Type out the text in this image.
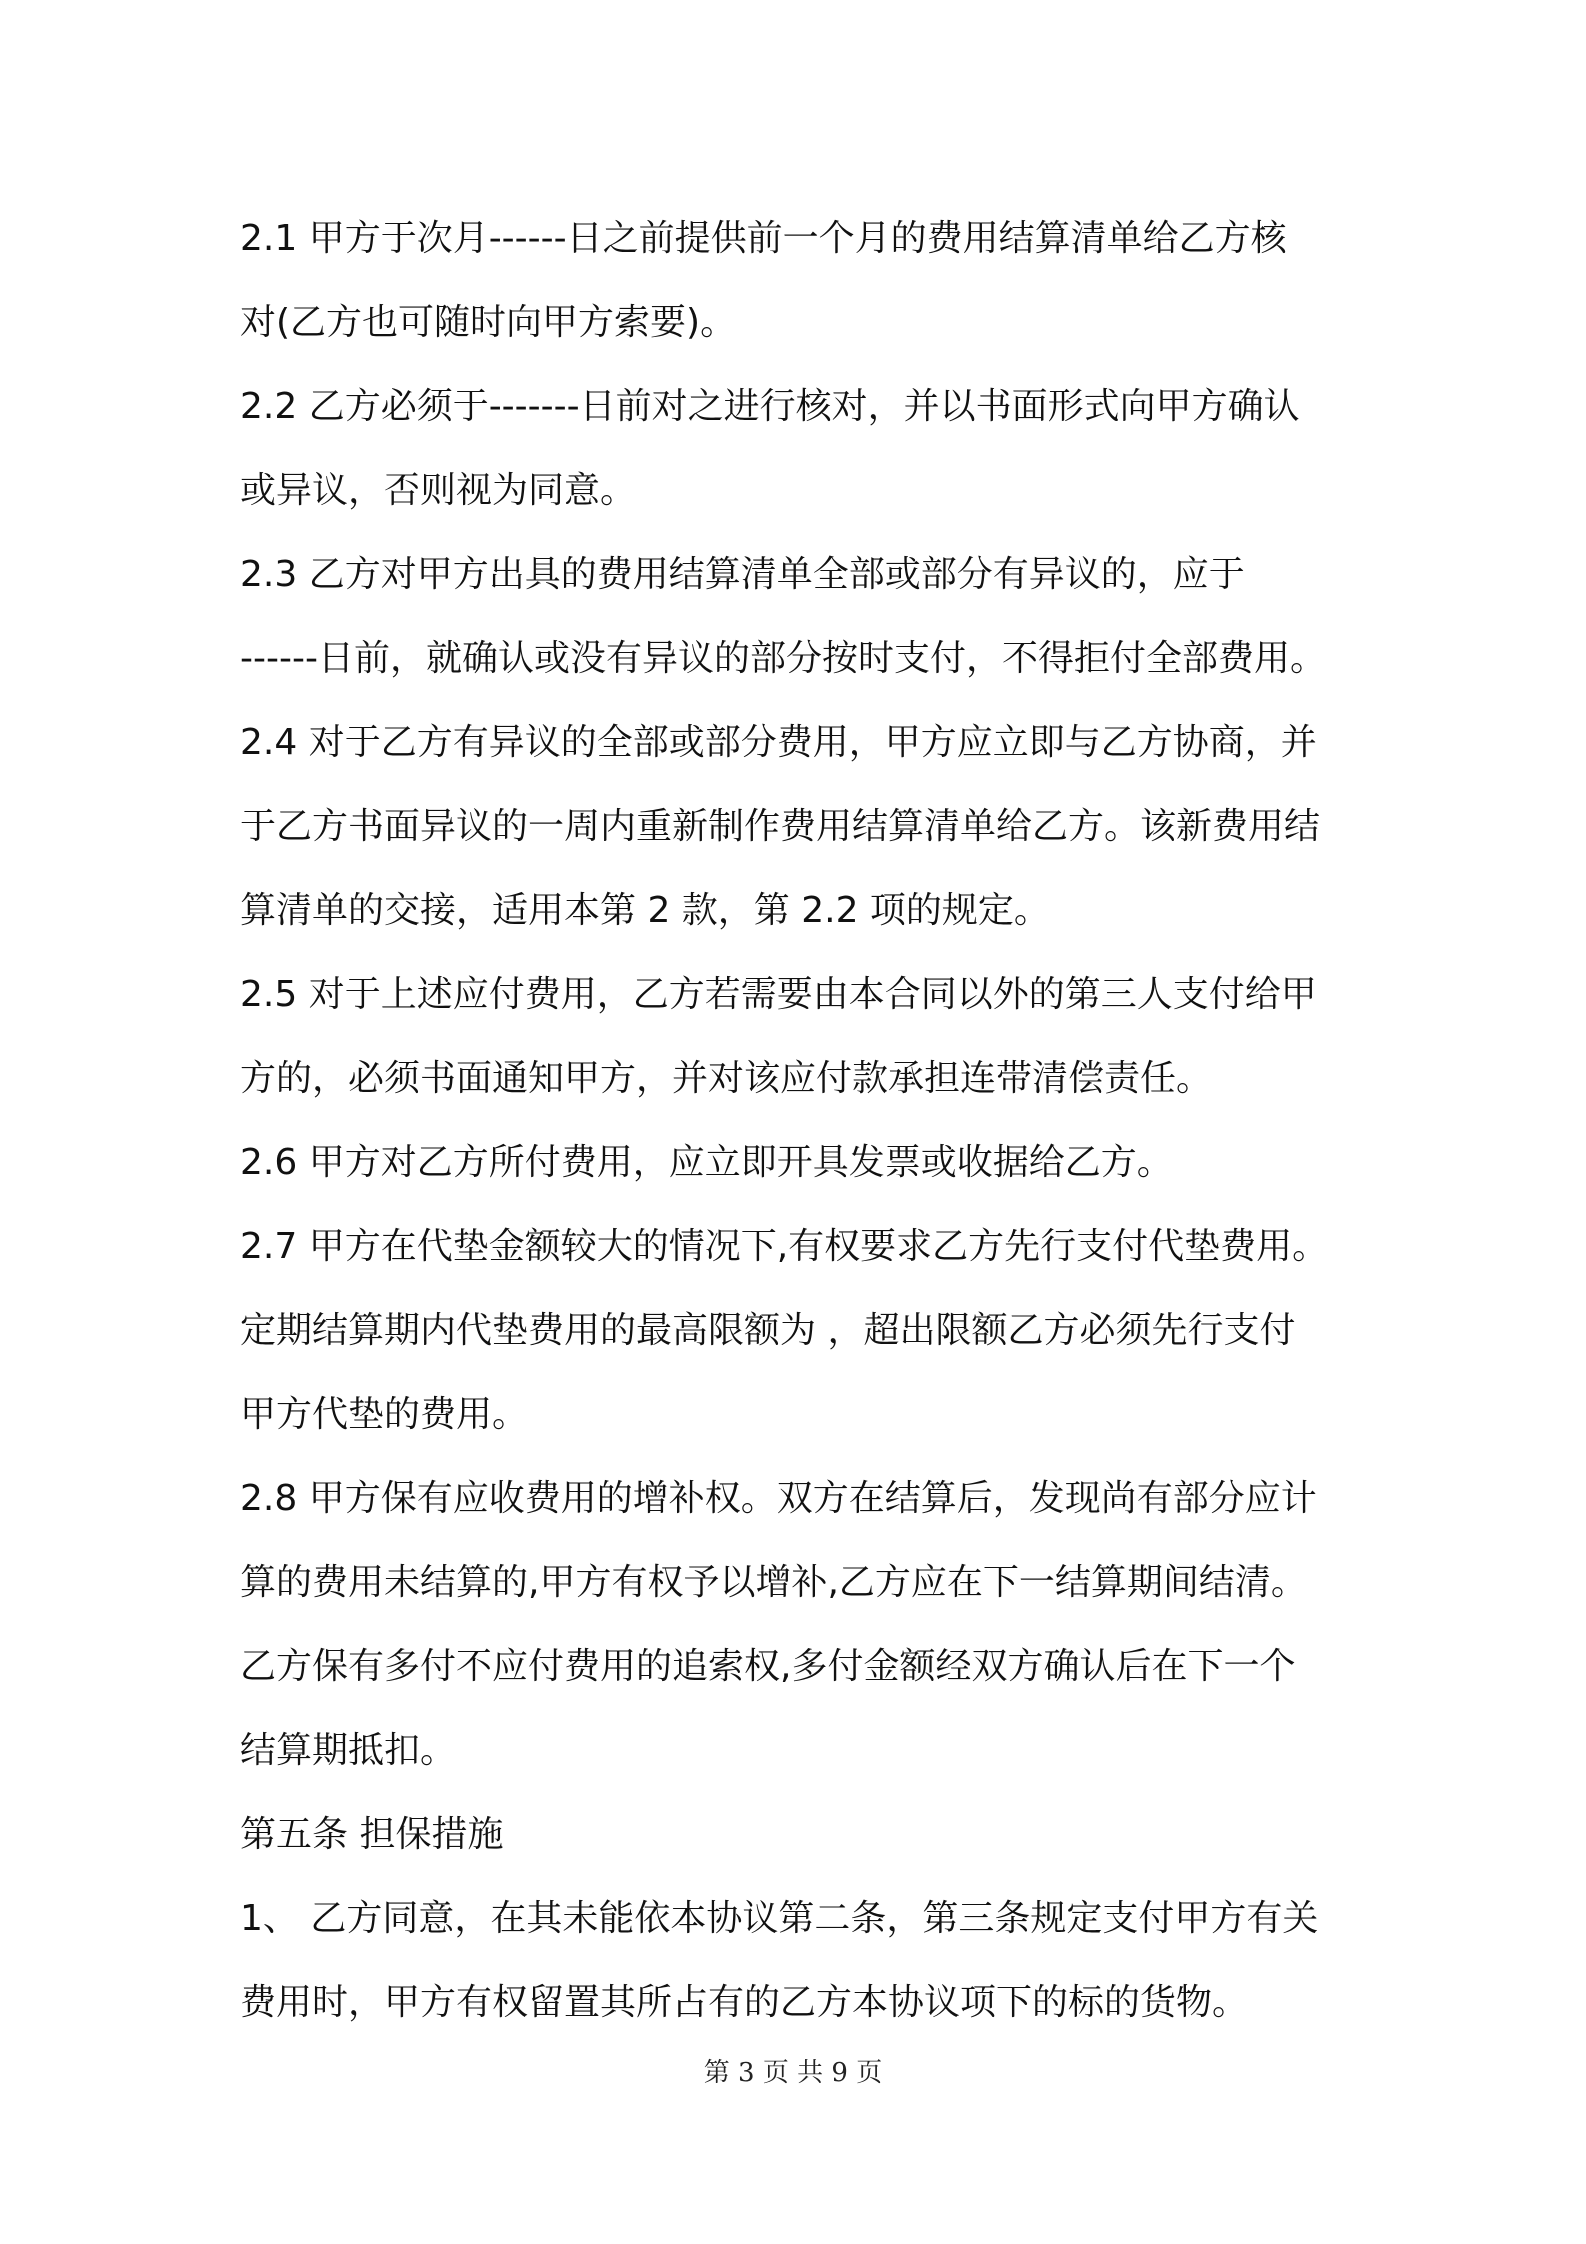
2.1 甲方于次月------日之前提供前一个月的费用结算清单给乙方核
对(乙方也可随时向甲方索要)。
2.2 乙方必须于-------日前对之进行核对，并以书面形式向甲方确认
或异议，否则视为同意。
2.3 乙方对甲方出具的费用结算清单全部或部分有异议的，应于
------日前，就确认或没有异议的部分按时支付，不得拒付全部费用。
2.4 对于乙方有异议的全部或部分费用，甲方应立即与乙方协商，并
于乙方书面异议的一周内重新制作费用结算清单给乙方。该新费用结
算清单的交接，适用本第 2 款，第 2.2 项的规定。
2.5 对于上述应付费用，乙方若需要由本合同以外的第三人支付给甲
方的，必须书面通知甲方，并对该应付款承担连带清偿责任。
2.6 甲方对乙方所付费用，应立即开具发票或收据给乙方。
2.7 甲方在代垫金额较大的情况下,有权要求乙方先行支付代垫费用。
定期结算期内代垫费用的最高限额为 ，超出限额乙方必须先行支付
甲方代垫的费用。
2.8 甲方保有应收费用的增补权。双方在结算后，发现尚有部分应计
算的费用未结算的,甲方有权予以增补,乙方应在下一结算期间结清。
乙方保有多付不应付费用的追索权,多付金额经双方确认后在下一个
结算期抵扣。
第五条 担保措施
1、 乙方同意，在其未能依本协议第二条，第三条规定支付甲方有关
费用时，甲方有权留置其所占有的乙方本协议项下的标的货物。
第 3 页 共 9 页
